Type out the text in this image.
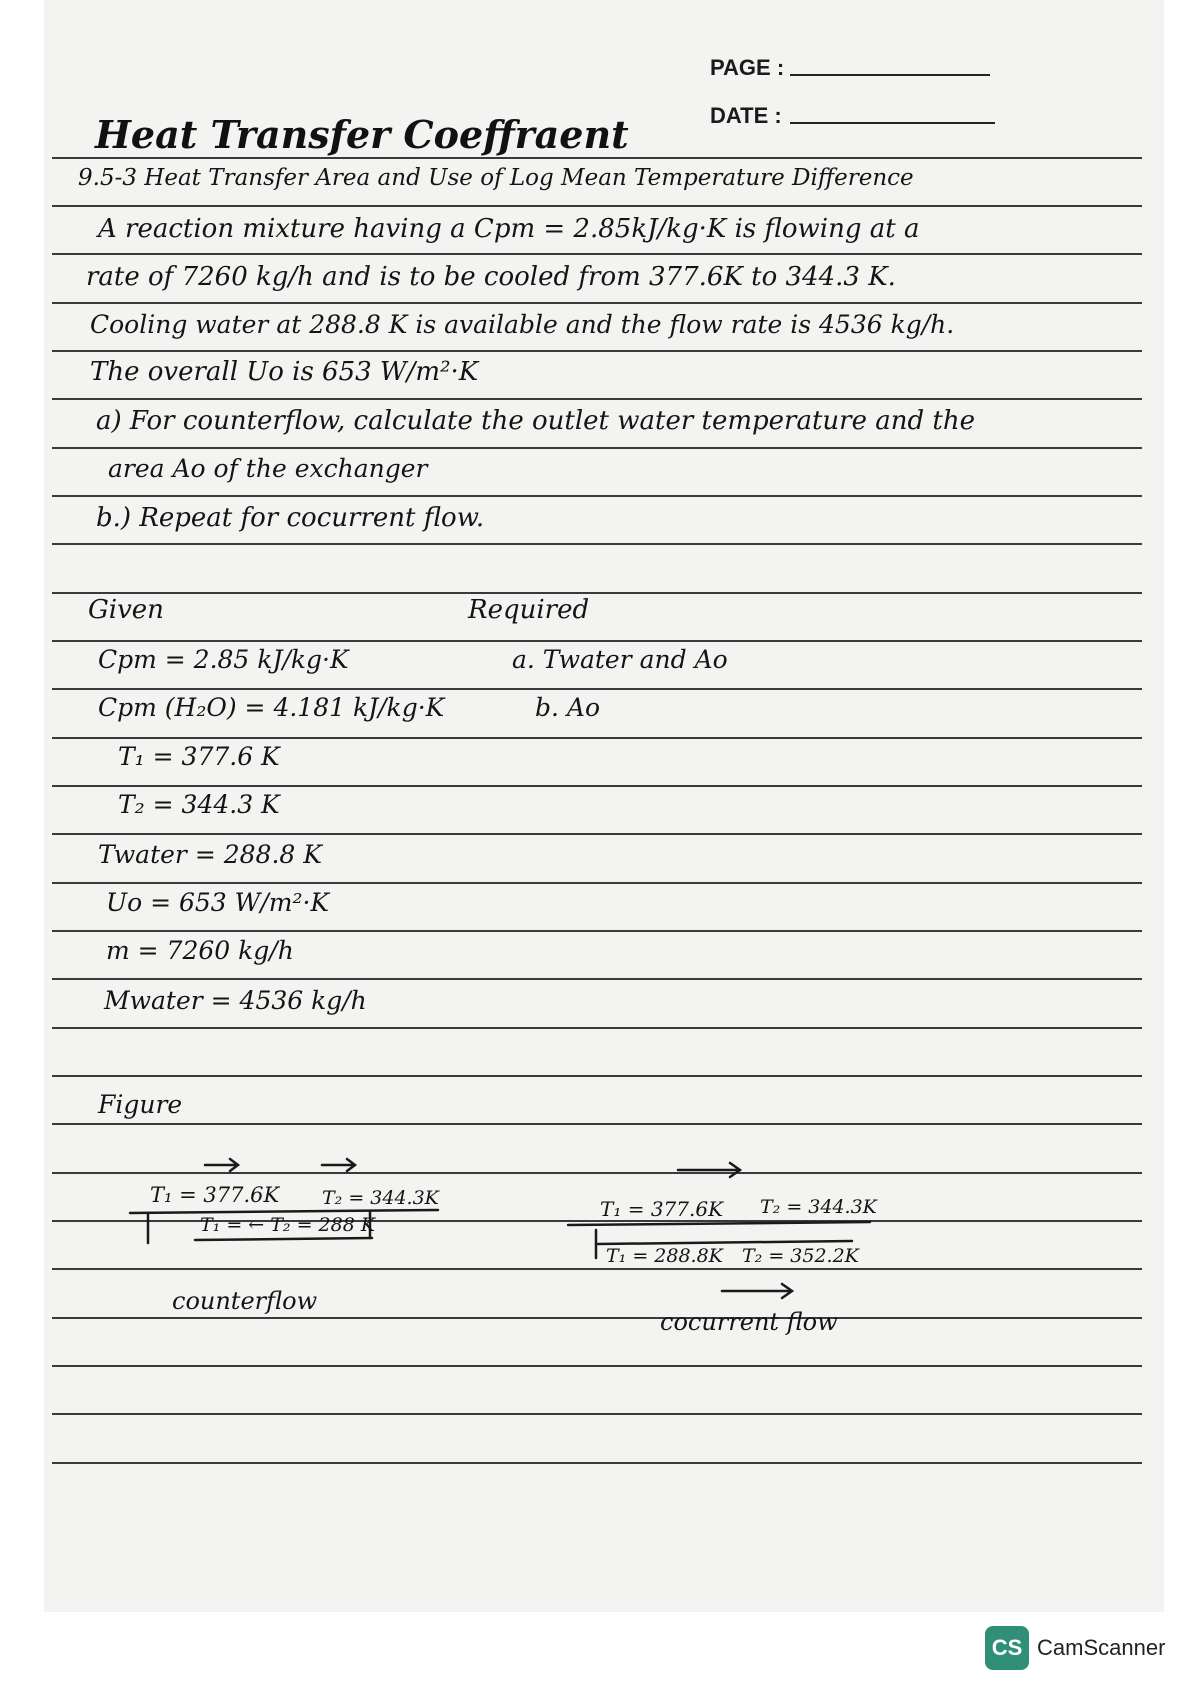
PAGE :
DATE :
Heat Transfer Coeffraent
9.5-3 Heat Transfer Area and Use of Log Mean Temperature Difference
A reaction mixture having a Cpm = 2.85kJ/kg·K is flowing at a
rate of 7260 kg/h and is to be cooled from 377.6K to 344.3 K.
Cooling water at 288.8 K is available and the flow rate is 4536 kg/h.
The overall Uo is 653 W/m²·K
a) For counterflow, calculate the outlet water temperature and the
area Ao of the exchanger
b.) Repeat for cocurrent flow.
Given
Cpm = 2.85 kJ/kg·K
Cpm (H₂O) = 4.181 kJ/kg·K
T₁ = 377.6 K
T₂ = 344.3 K
Twater = 288.8 K
Uo = 653 W/m²·K
m = 7260 kg/h
Mwater = 4536 kg/h
Required
a. Twater and Ao
b. Ao
Figure
T₁ = 377.6K T₂ = 344.3K
T₁ = ← T₂ = 288 K
counterflow
T₁ = 377.6K T₂ = 344.3K
T₁ = 288.8K T₂ = 352.2K
cocurrent flow
CS CamScanner
